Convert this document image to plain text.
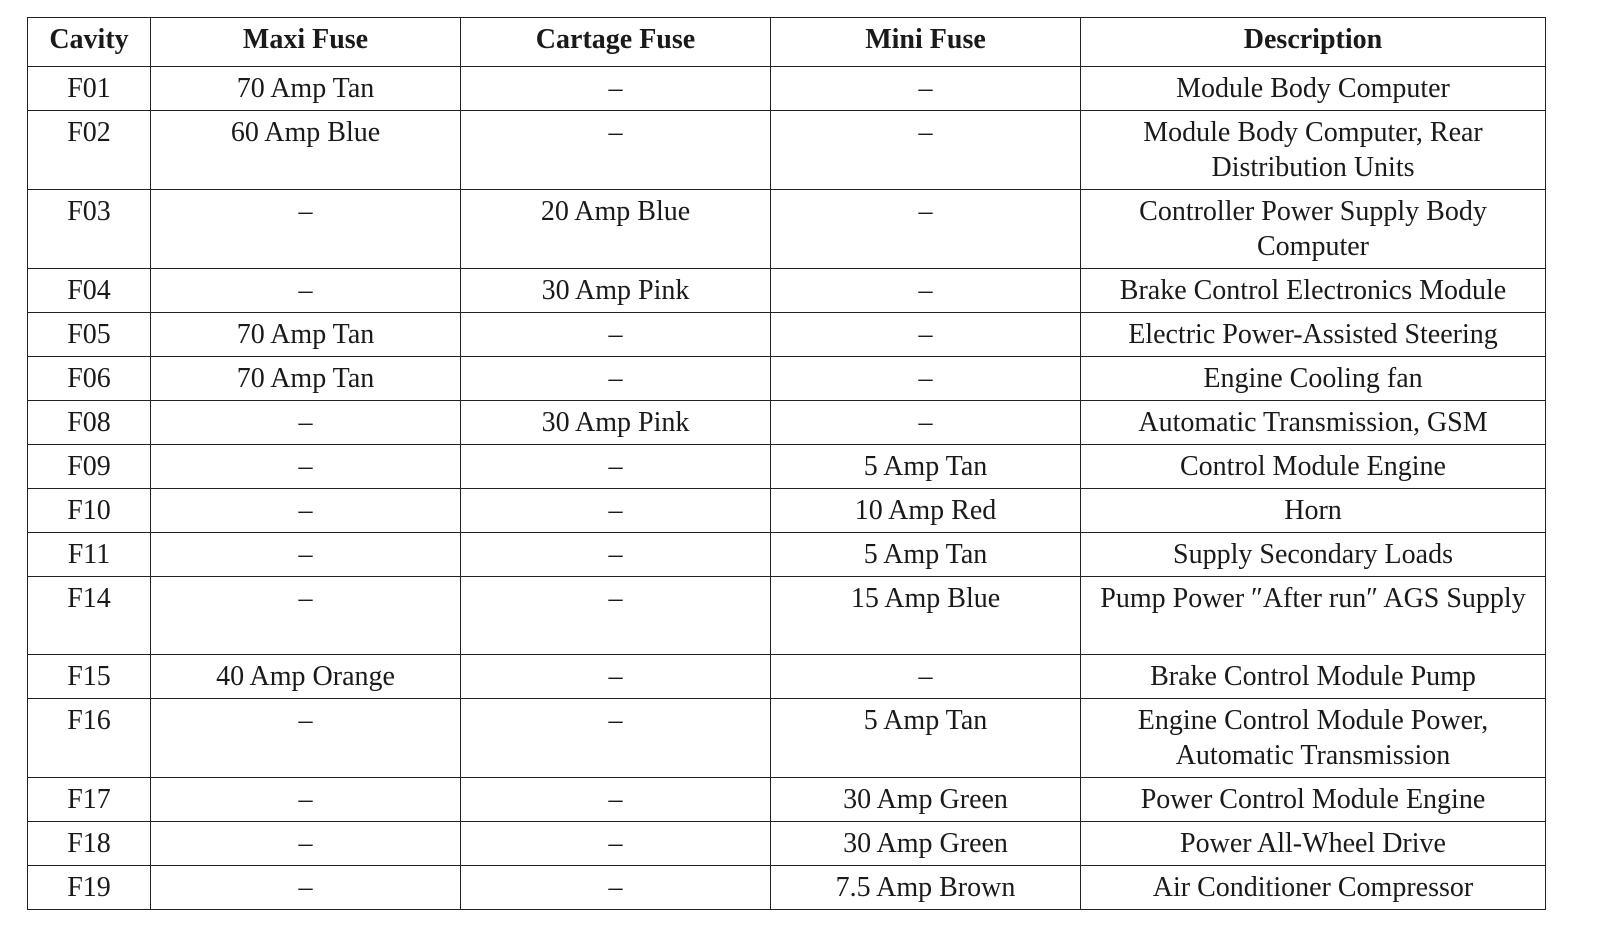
Cavity	Maxi Fuse	Cartage Fuse	Mini Fuse	Description
F01	70 Amp Tan	–	–	Module Body Computer
F02	60 Amp Blue	–	–	Module Body Computer, Rear Distribution Units
F03	–	20 Amp Blue	–	Controller Power Supply Body Computer
F04	–	30 Amp Pink	–	Brake Control Electronics Module
F05	70 Amp Tan	–	–	Electric Power-Assisted Steering
F06	70 Amp Tan	–	–	Engine Cooling fan
F08	–	30 Amp Pink	–	Automatic Transmission, GSM
F09	–	–	5 Amp Tan	Control Module Engine
F10	–	–	10 Amp Red	Horn
F11	–	–	5 Amp Tan	Supply Secondary Loads
F14	–	–	15 Amp Blue	Pump Power ″After run″ AGS Supply
F15	40 Amp Orange	–	–	Brake Control Module Pump
F16	–	–	5 Amp Tan	Engine Control Module Power, Automatic Transmission
F17	–	–	30 Amp Green	Power Control Module Engine
F18	–	–	30 Amp Green	Power All-Wheel Drive
F19	–	–	7.5 Amp Brown	Air Conditioner Compressor
